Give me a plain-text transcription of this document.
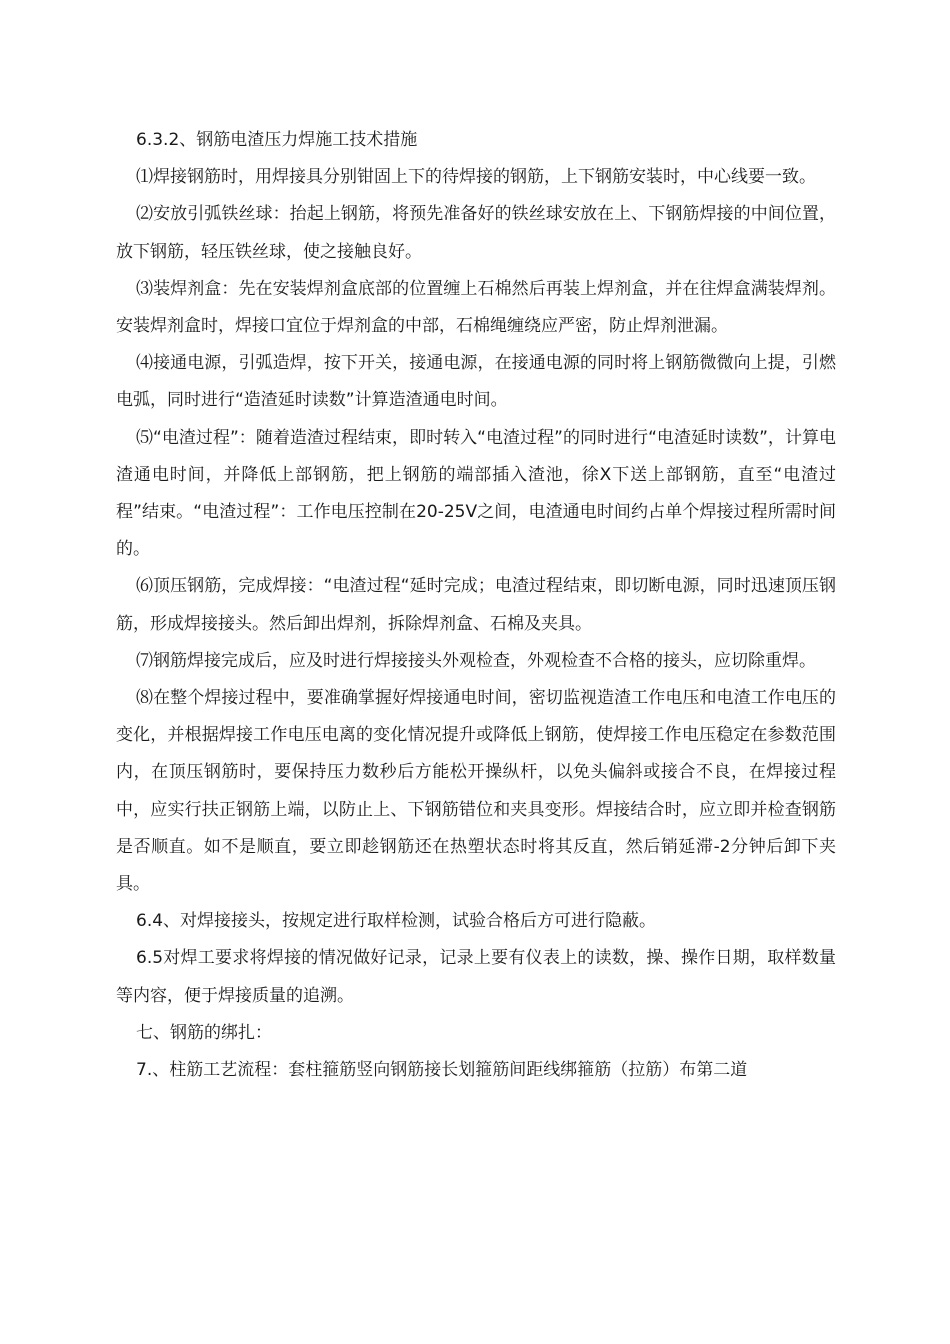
6.3.2、钢筋电渣压力焊施工技术措施

⑴焊接钢筋时，用焊接具分别钳固上下的待焊接的钢筋，上下钢筋安装时，中心线要一致。

⑵安放引弧铁丝球：抬起上钢筋，将预先准备好的铁丝球安放在上、下钢筋焊接的中间位置，放下钢筋，轻压铁丝球，使之接触良好。

⑶装焊剂盒：先在安装焊剂盒底部的位置缠上石棉然后再装上焊剂盒，并在往焊盒满装焊剂。安装焊剂盒时，焊接口宜位于焊剂盒的中部，石棉绳缠绕应严密，防止焊剂泄漏。

⑷接通电源，引弧造焊，按下开关，接通电源，在接通电源的同时将上钢筋微微向上提，引燃电弧，同时进行“造渣延时读数”计算造渣通电时间。

⑸“电渣过程”：随着造渣过程结束，即时转入“电渣过程”的同时进行“电渣延时读数”，计算电渣通电时间，并降低上部钢筋，把上钢筋的端部插入渣池，徐X下送上部钢筋，直至“电渣过程”结束。“电渣过程”：工作电压控制在20-25V之间，电渣通电时间约占单个焊接过程所需时间的。

⑹顶压钢筋，完成焊接：“电渣过程“延时完成；电渣过程结束，即切断电源，同时迅速顶压钢筋，形成焊接接头。然后卸出焊剂，拆除焊剂盒、石棉及夹具。

⑺钢筋焊接完成后，应及时进行焊接接头外观检查，外观检查不合格的接头，应切除重焊。

⑻在整个焊接过程中，要准确掌握好焊接通电时间，密切监视造渣工作电压和电渣工作电压的变化，并根据焊接工作电压电离的变化情况提升或降低上钢筋，使焊接工作电压稳定在参数范围内，在顶压钢筋时，要保持压力数秒后方能松开操纵杆，以免头偏斜或接合不良，在焊接过程中，应实行扶正钢筋上端，以防止上、下钢筋错位和夹具变形。焊接结合时，应立即并检查钢筋是否顺直。如不是顺直，要立即趁钢筋还在热塑状态时将其反直，然后销延滞-2分钟后卸下夹具。

6.4、对焊接接头，按规定进行取样检测，试验合格后方可进行隐蔽。

6.5对焊工要求将焊接的情况做好记录，记录上要有仪表上的读数，操、操作日期，取样数量等内容，便于焊接质量的追溯。

七、钢筋的绑扎：

7.、柱筋工艺流程：套柱箍筋竖向钢筋接长划箍筋间距线绑箍筋（拉筋）布第二道
